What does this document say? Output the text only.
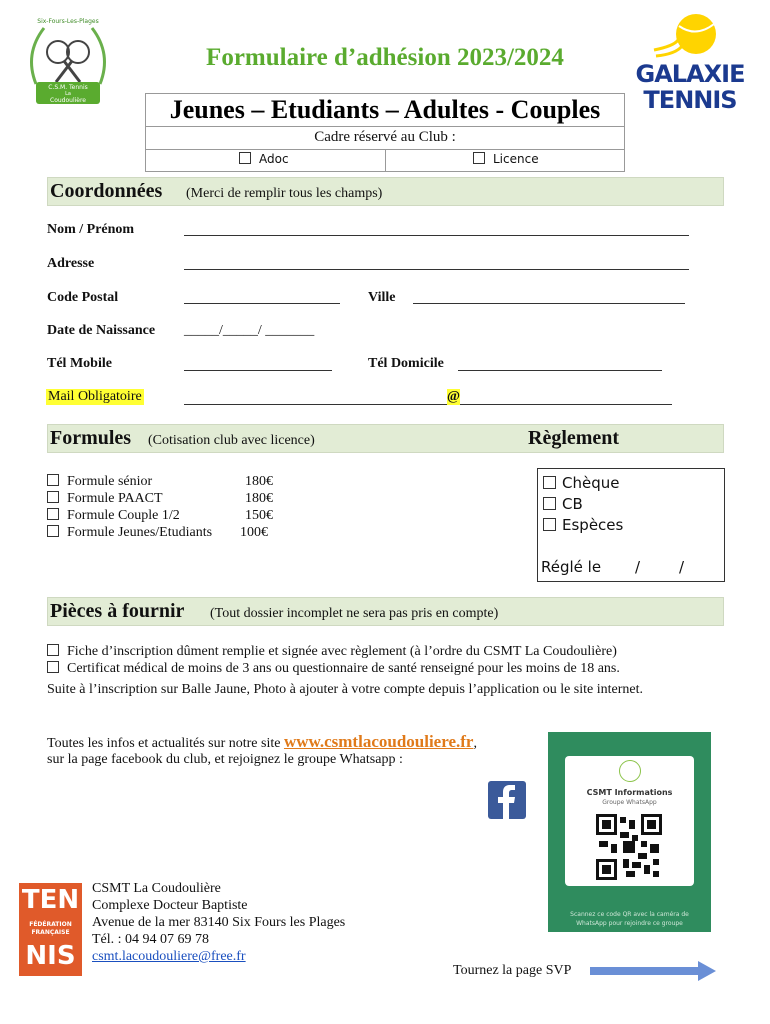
Six-Fours-Les-Plages
C.S.M. Tennis
La
Coudoulière
GALAXIE
TENNIS
Formulaire d’adhésion 2023/2024
Jeunes – Etudiants – Adultes - Couples
Cadre réservé au Club :
Adoc	Licence
Coordonnées (Merci de remplir tous les champs)
Nom / Prénom
Adresse
Code Postal	Ville
Date de Naissance _____/_____/ _______
Tél Mobile	Tél Domicile
Mail Obligatoire	@
Formules (Cotisation club avec licence)	Règlement
Formule sénior	180€
Formule PAACT	180€
Formule Couple 1/2	150€
Formule Jeunes/Etudiants 100€
Chèque
CB
Espèces
Réglé le /	/
Pièces à fournir (Tout dossier incomplet ne sera pas pris en compte)
Fiche d’inscription dûment remplie et signée avec règlement (à l’ordre du CSMT La Coudoulière)
Certificat médical de moins de 3 ans ou questionnaire de santé renseigné pour les moins de 18 ans.
Suite à l’inscription sur Balle Jaune, Photo à ajouter à votre compte depuis l’application ou le site internet.
Toutes les infos et actualités sur notre site www.csmtlacoudouliere.fr,
sur la page facebook du club, et rejoignez le groupe Whatsapp :
CSMT Informations
Groupe WhatsApp
Scannez ce code QR avec la caméra de WhatsApp pour rejoindre ce groupe
TEN
FÉDÉRATION
FRANÇAISE
NIS
CSMT La Coudoulière
Complexe Docteur Baptiste
Avenue de la mer 83140 Six Fours les Plages
Tél. : 04 94 07 69 78
csmt.lacoudouliere@free.fr
Tournez la page SVP
